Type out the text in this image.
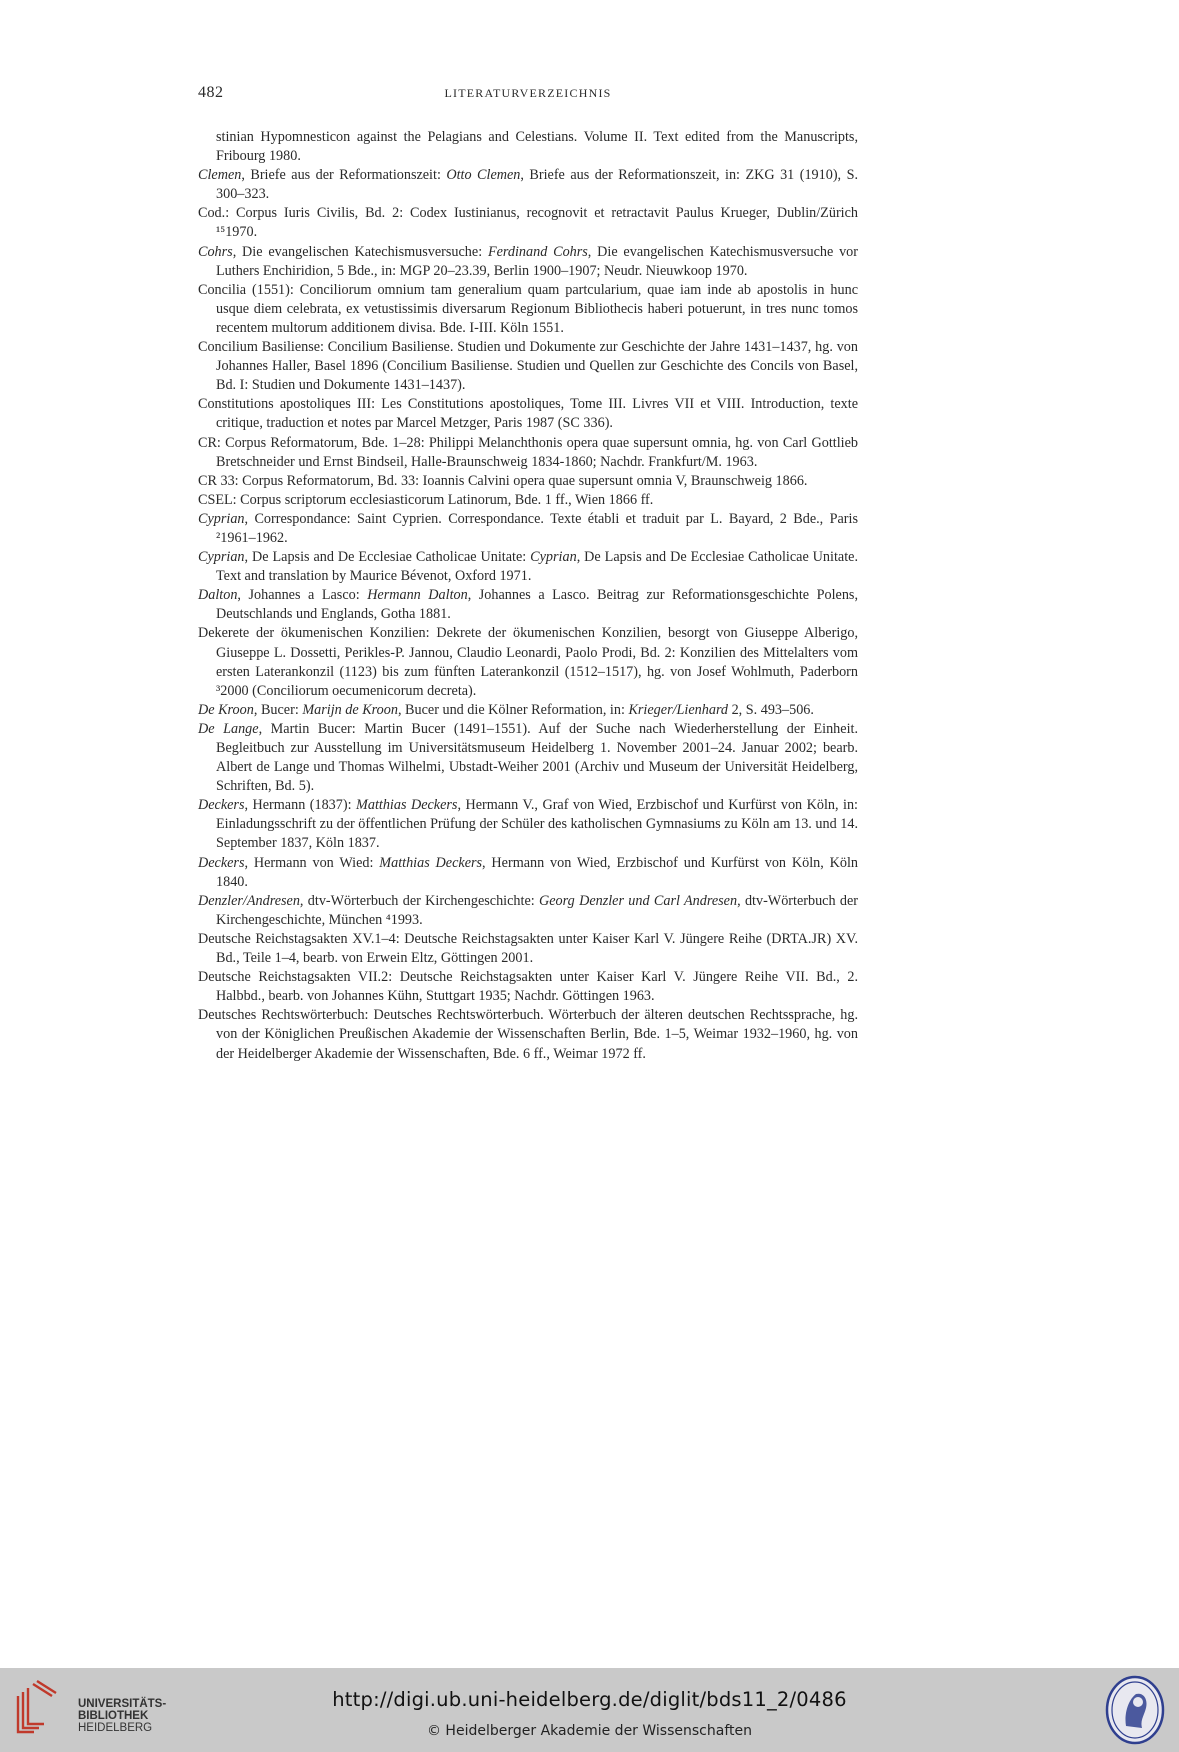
482	LITERATURVERZEICHNIS

stinian Hypomnesticon against the Pelagians and Celestians. Volume II. Text edited from the Manuscripts, Fribourg 1980.

Clemen, Briefe aus der Reformationszeit: Otto Clemen, Briefe aus der Reformationszeit, in: ZKG 31 (1910), S. 300–323.

Cod.: Corpus Iuris Civilis, Bd. 2: Codex Iustinianus, recognovit et retractavit Paulus Krueger, Dublin/Zürich ¹⁵1970.

Cohrs, Die evangelischen Katechismusversuche: Ferdinand Cohrs, Die evangelischen Katechismusversuche vor Luthers Enchiridion, 5 Bde., in: MGP 20–23.39, Berlin 1900–1907; Neudr. Nieuwkoop 1970.

Concilia (1551): Conciliorum omnium tam generalium quam partcularium, quae iam inde ab apostolis in hunc usque diem celebrata, ex vetustissimis diversarum Regionum Bibliothecis haberi potuerunt, in tres nunc tomos recentem multorum additionem divisa. Bde. I-III. Köln 1551.

Concilium Basiliense: Concilium Basiliense. Studien und Dokumente zur Geschichte der Jahre 1431–1437, hg. von Johannes Haller, Basel 1896 (Concilium Basiliense. Studien und Quellen zur Geschichte des Concils von Basel, Bd. I: Studien und Dokumente 1431–1437).

Constitutions apostoliques III: Les Constitutions apostoliques, Tome III. Livres VII et VIII. Introduction, texte critique, traduction et notes par Marcel Metzger, Paris 1987 (SC 336).

CR: Corpus Reformatorum, Bde. 1–28: Philippi Melanchthonis opera quae supersunt omnia, hg. von Carl Gottlieb Bretschneider und Ernst Bindseil, Halle-Braunschweig 1834-1860; Nachdr. Frankfurt/M. 1963.

CR 33: Corpus Reformatorum, Bd. 33: Ioannis Calvini opera quae supersunt omnia V, Braunschweig 1866.

CSEL: Corpus scriptorum ecclesiasticorum Latinorum, Bde. 1 ff., Wien 1866 ff.

Cyprian, Correspondance: Saint Cyprien. Correspondance. Texte établi et traduit par L. Bayard, 2 Bde., Paris ²1961–1962.

Cyprian, De Lapsis and De Ecclesiae Catholicae Unitate: Cyprian, De Lapsis and De Ecclesiae Catholicae Unitate. Text and translation by Maurice Bévenot, Oxford 1971.

Dalton, Johannes a Lasco: Hermann Dalton, Johannes a Lasco. Beitrag zur Reformationsgeschichte Polens, Deutschlands und Englands, Gotha 1881.

Dekerete der ökumenischen Konzilien: Dekrete der ökumenischen Konzilien, besorgt von Giuseppe Alberigo, Giuseppe L. Dossetti, Perikles-P. Jannou, Claudio Leonardi, Paolo Prodi, Bd. 2: Konzilien des Mittelalters vom ersten Laterankonzil (1123) bis zum fünften Laterankonzil (1512–1517), hg. von Josef Wohlmuth, Paderborn ³2000 (Conciliorum oecumenicorum decreta).

De Kroon, Bucer: Marijn de Kroon, Bucer und die Kölner Reformation, in: Krieger/Lienhard 2, S. 493–506.

De Lange, Martin Bucer: Martin Bucer (1491–1551). Auf der Suche nach Wiederherstellung der Einheit. Begleitbuch zur Ausstellung im Universitätsmuseum Heidelberg 1. November 2001–24. Januar 2002; bearb. Albert de Lange und Thomas Wilhelmi, Ubstadt-Weiher 2001 (Archiv und Museum der Universität Heidelberg, Schriften, Bd. 5).

Deckers, Hermann (1837): Matthias Deckers, Hermann V., Graf von Wied, Erzbischof und Kurfürst von Köln, in: Einladungsschrift zu der öffentlichen Prüfung der Schüler des katholischen Gymnasiums zu Köln am 13. und 14. September 1837, Köln 1837.

Deckers, Hermann von Wied: Matthias Deckers, Hermann von Wied, Erzbischof und Kurfürst von Köln, Köln 1840.

Denzler/Andresen, dtv-Wörterbuch der Kirchengeschichte: Georg Denzler und Carl Andresen, dtv-Wörterbuch der Kirchengeschichte, München ⁴1993.

Deutsche Reichstagsakten XV.1–4: Deutsche Reichstagsakten unter Kaiser Karl V. Jüngere Reihe (DRTA.JR) XV. Bd., Teile 1–4, bearb. von Erwein Eltz, Göttingen 2001.

Deutsche Reichstagsakten VII.2: Deutsche Reichstagsakten unter Kaiser Karl V. Jüngere Reihe VII. Bd., 2. Halbbd., bearb. von Johannes Kühn, Stuttgart 1935; Nachdr. Göttingen 1963.

Deutsches Rechtswörterbuch: Deutsches Rechtswörterbuch. Wörterbuch der älteren deutschen Rechtssprache, hg. von der Königlichen Preußischen Akademie der Wissenschaften Berlin, Bde. 1–5, Weimar 1932–1960, hg. von der Heidelberger Akademie der Wissenschaften, Bde. 6 ff., Weimar 1972 ff.

UNIVERSITÄTS-
BIBLIOTHEK
HEIDELBERG
http://digi.ub.uni-heidelberg.de/diglit/bds11_2/0486
© Heidelberger Akademie der Wissenschaften
